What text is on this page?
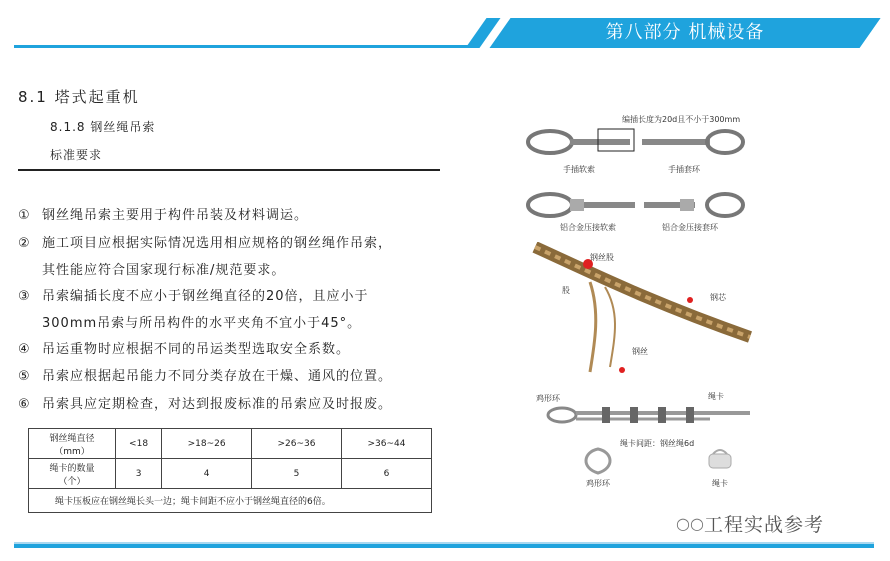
第八部分 机械设备
8.1 塔式起重机
8.1.8 钢丝绳吊索
标准要求
① 钢丝绳吊索主要用于构件吊装及材料调运。
② 施工项目应根据实际情况选用相应规格的钢丝绳作吊索，
其性能应符合国家现行标准/规范要求。
③ 吊索编插长度不应小于钢丝绳直径的20倍，且应小于
300mm吊索与所吊构件的水平夹角不宜小于45°。
④ 吊运重物时应根据不同的吊运类型选取安全系数。
⑤ 吊索应根据起吊能力不同分类存放在干燥、通风的位置。
⑥ 吊索具应定期检查，对达到报废标准的吊索应及时报废。
钢丝绳直径
（mm）	<18	>18~26	>26~36	>36~44

绳卡的数量
（个）	3	4	5	6
绳卡压板应在钢丝绳长头一边；绳卡间距不应小于钢丝绳直径的6倍。				
编插长度为20d且不小于300mm
手插软索	手插套环
铝合金压接软索	铝合金压接套环
钢丝股
股
钢芯
钢丝
鸡形环	绳卡
绳卡间距：钢丝绳6d
鸡形环	绳卡
○○ 工程实战参考
